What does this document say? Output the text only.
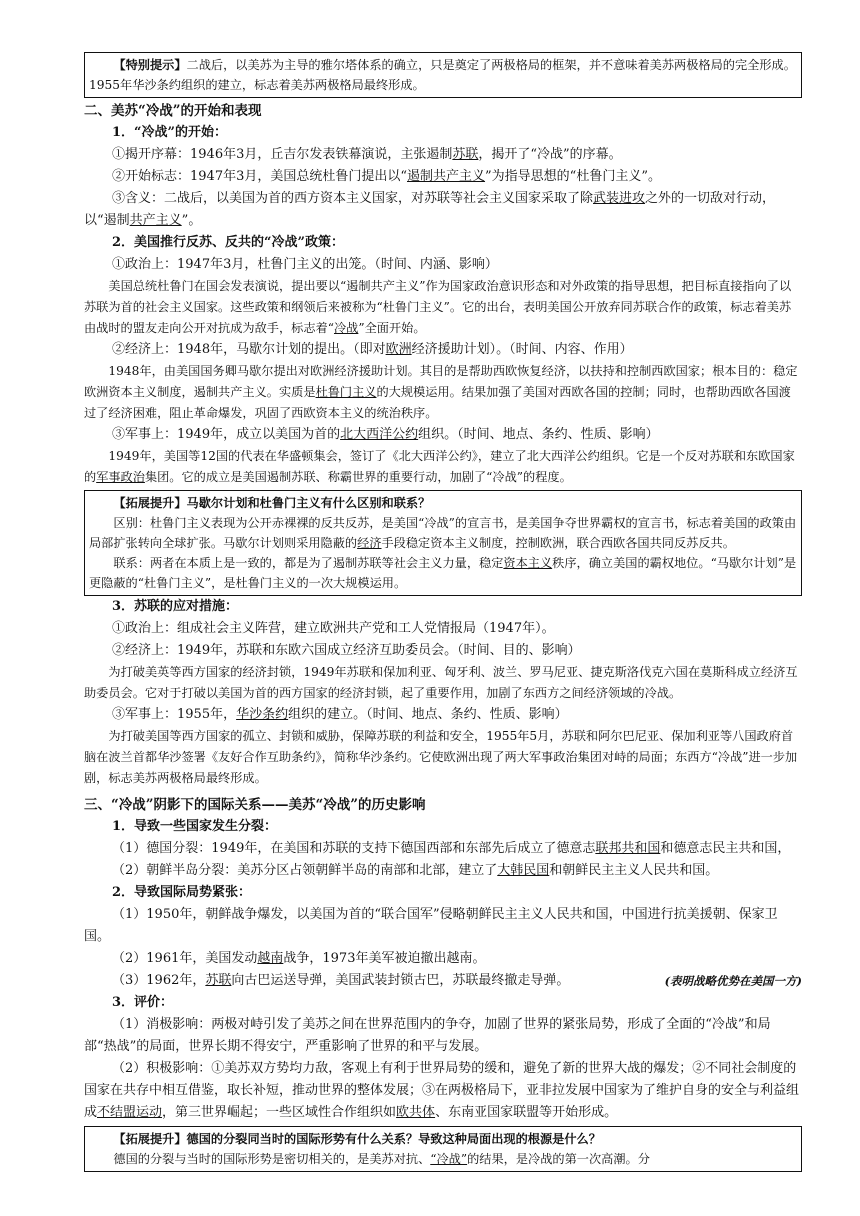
【特别提示】二战后，以美苏为主导的雅尔塔体系的确立，只是奠定了两极格局的框架，并不意味着美苏两极格局的完全形成。1955年华沙条约组织的建立，标志着美苏两极格局最终形成。

二、美苏“冷战”的开始和表现

1．“冷战”的开始：

①揭开序幕：1946年3月，丘吉尔发表铁幕演说，主张遏制苏联，揭开了“冷战”的序幕。

②开始标志：1947年3月，美国总统杜鲁门提出以“遏制共产主义”为指导思想的“杜鲁门主义”。

③含义：二战后，以美国为首的西方资本主义国家，对苏联等社会主义国家采取了除武装进攻之外的一切敌对行动，以“遏制共产主义”。

2．美国推行反苏、反共的“冷战”政策：

①政治上：1947年3月，杜鲁门主义的出笼。（时间、内涵、影响）

美国总统杜鲁门在国会发表演说，提出要以“遏制共产主义”作为国家政治意识形态和对外政策的指导思想，把目标直接指向了以苏联为首的社会主义国家。这些政策和纲领后来被称为“杜鲁门主义”。它的出台，表明美国公开放弃同苏联合作的政策，标志着美苏由战时的盟友走向公开对抗成为敌手，标志着“冷战”全面开始。

②经济上：1948年，马歇尔计划的提出。（即对欧洲经济援助计划）。（时间、内容、作用）

1948年，由美国国务卿马歇尔提出对欧洲经济援助计划。其目的是帮助西欧恢复经济，以扶持和控制西欧国家；根本目的：稳定欧洲资本主义制度，遏制共产主义。实质是杜鲁门主义的大规模运用。结果加强了美国对西欧各国的控制；同时，也帮助西欧各国渡过了经济困难，阻止革命爆发，巩固了西欧资本主义的统治秩序。

③军事上：1949年，成立以美国为首的北大西洋公约组织。（时间、地点、条约、性质、影响）

1949年，美国等12国的代表在华盛顿集会，签订了《北大西洋公约》，建立了北大西洋公约组织。它是一个反对苏联和东欧国家的军事政治集团。它的成立是美国遏制苏联、称霸世界的重要行动，加剧了“冷战”的程度。

【拓展提升】马歇尔计划和杜鲁门主义有什么区别和联系？

区别：杜鲁门主义表现为公开赤裸裸的反共反苏，是美国“冷战”的宣言书，是美国争夺世界霸权的宣言书，标志着美国的政策由局部扩张转向全球扩张。马歇尔计划则采用隐蔽的经济手段稳定资本主义制度，控制欧洲，联合西欧各国共同反苏反共。

联系：两者在本质上是一致的，都是为了遏制苏联等社会主义力量，稳定资本主义秩序，确立美国的霸权地位。“马歇尔计划”是更隐蔽的“杜鲁门主义”，是杜鲁门主义的一次大规模运用。

3．苏联的应对措施：

①政治上：组成社会主义阵营，建立欧洲共产党和工人党情报局（1947年）。

②经济上：1949年，苏联和东欧六国成立经济互助委员会。（时间、目的、影响）

为打破美英等西方国家的经济封锁，1949年苏联和保加利亚、匈牙利、波兰、罗马尼亚、捷克斯洛伐克六国在莫斯科成立经济互助委员会。它对于打破以美国为首的西方国家的经济封锁，起了重要作用，加剧了东西方之间经济领域的冷战。

③军事上：1955年，华沙条约组织的建立。（时间、地点、条约、性质、影响）

为打破美国等西方国家的孤立、封锁和威胁，保障苏联的利益和安全，1955年5月，苏联和阿尔巴尼亚、保加利亚等八国政府首脑在波兰首都华沙签署《友好合作互助条约》，简称华沙条约。它使欧洲出现了两大军事政治集团对峙的局面；东西方“冷战”进一步加剧，标志美苏两极格局最终形成。

三、“冷战”阴影下的国际关系——美苏“冷战”的历史影响

1．导致一些国家发生分裂：

（1）德国分裂：1949年，在美国和苏联的支持下德国西部和东部先后成立了德意志联邦共和国和德意志民主共和国，

（2）朝鲜半岛分裂：美苏分区占领朝鲜半岛的南部和北部，建立了大韩民国和朝鲜民主主义人民共和国。

2．导致国际局势紧张：

（1）1950年，朝鲜战争爆发，以美国为首的“联合国军”侵略朝鲜民主主义人民共和国，中国进行抗美援朝、保家卫国。

（2）1961年，美国发动越南战争，1973年美军被迫撤出越南。

（3）1962年，苏联向古巴运送导弹，美国武装封锁古巴，苏联最终撤走导弹。	(表明战略优势在美国一方)

3．评价：

（1）消极影响：两极对峙引发了美苏之间在世界范围内的争夺，加剧了世界的紧张局势，形成了全面的“冷战”和局部“热战”的局面，世界长期不得安宁，严重影响了世界的和平与发展。

（2）积极影响：①美苏双方势均力敌，客观上有利于世界局势的缓和，避免了新的世界大战的爆发；②不同社会制度的国家在共存中相互借鉴，取长补短，推动世界的整体发展；③在两极格局下，亚非拉发展中国家为了维护自身的安全与利益组成不结盟运动，第三世界崛起；一些区域性合作组织如欧共体、东南亚国家联盟等开始形成。

【拓展提升】德国的分裂同当时的国际形势有什么关系？导致这种局面出现的根源是什么？

德国的分裂与当时的国际形势是密切相关的，是美苏对抗、“冷战”的结果，是冷战的第一次高潮。分
